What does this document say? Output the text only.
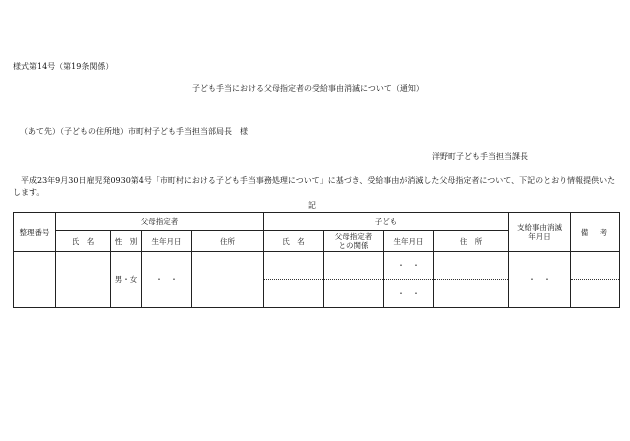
様式第14号（第19条関係）
子ども手当における父母指定者の受給事由消滅について（通知）
（あて先）（子どもの住所地）市町村子ども手当担当部局長　様
洋野町子ども手当担当課長
平成23年9月30日雇児発0930第4号「市町村における子ども手当事務処理について」に基づき、受給事由が消滅した父母指定者について、下記のとおり情報提供いたします。
記
整理番号	父母指定者				子ども				支給事由消滅年月日	備　考
	氏　名	性　別	生年月日	住所	氏　名	父母指定者との関係	生年月日	住　所		
		男・女	・　・				・　・		・　・	
							・　・			
